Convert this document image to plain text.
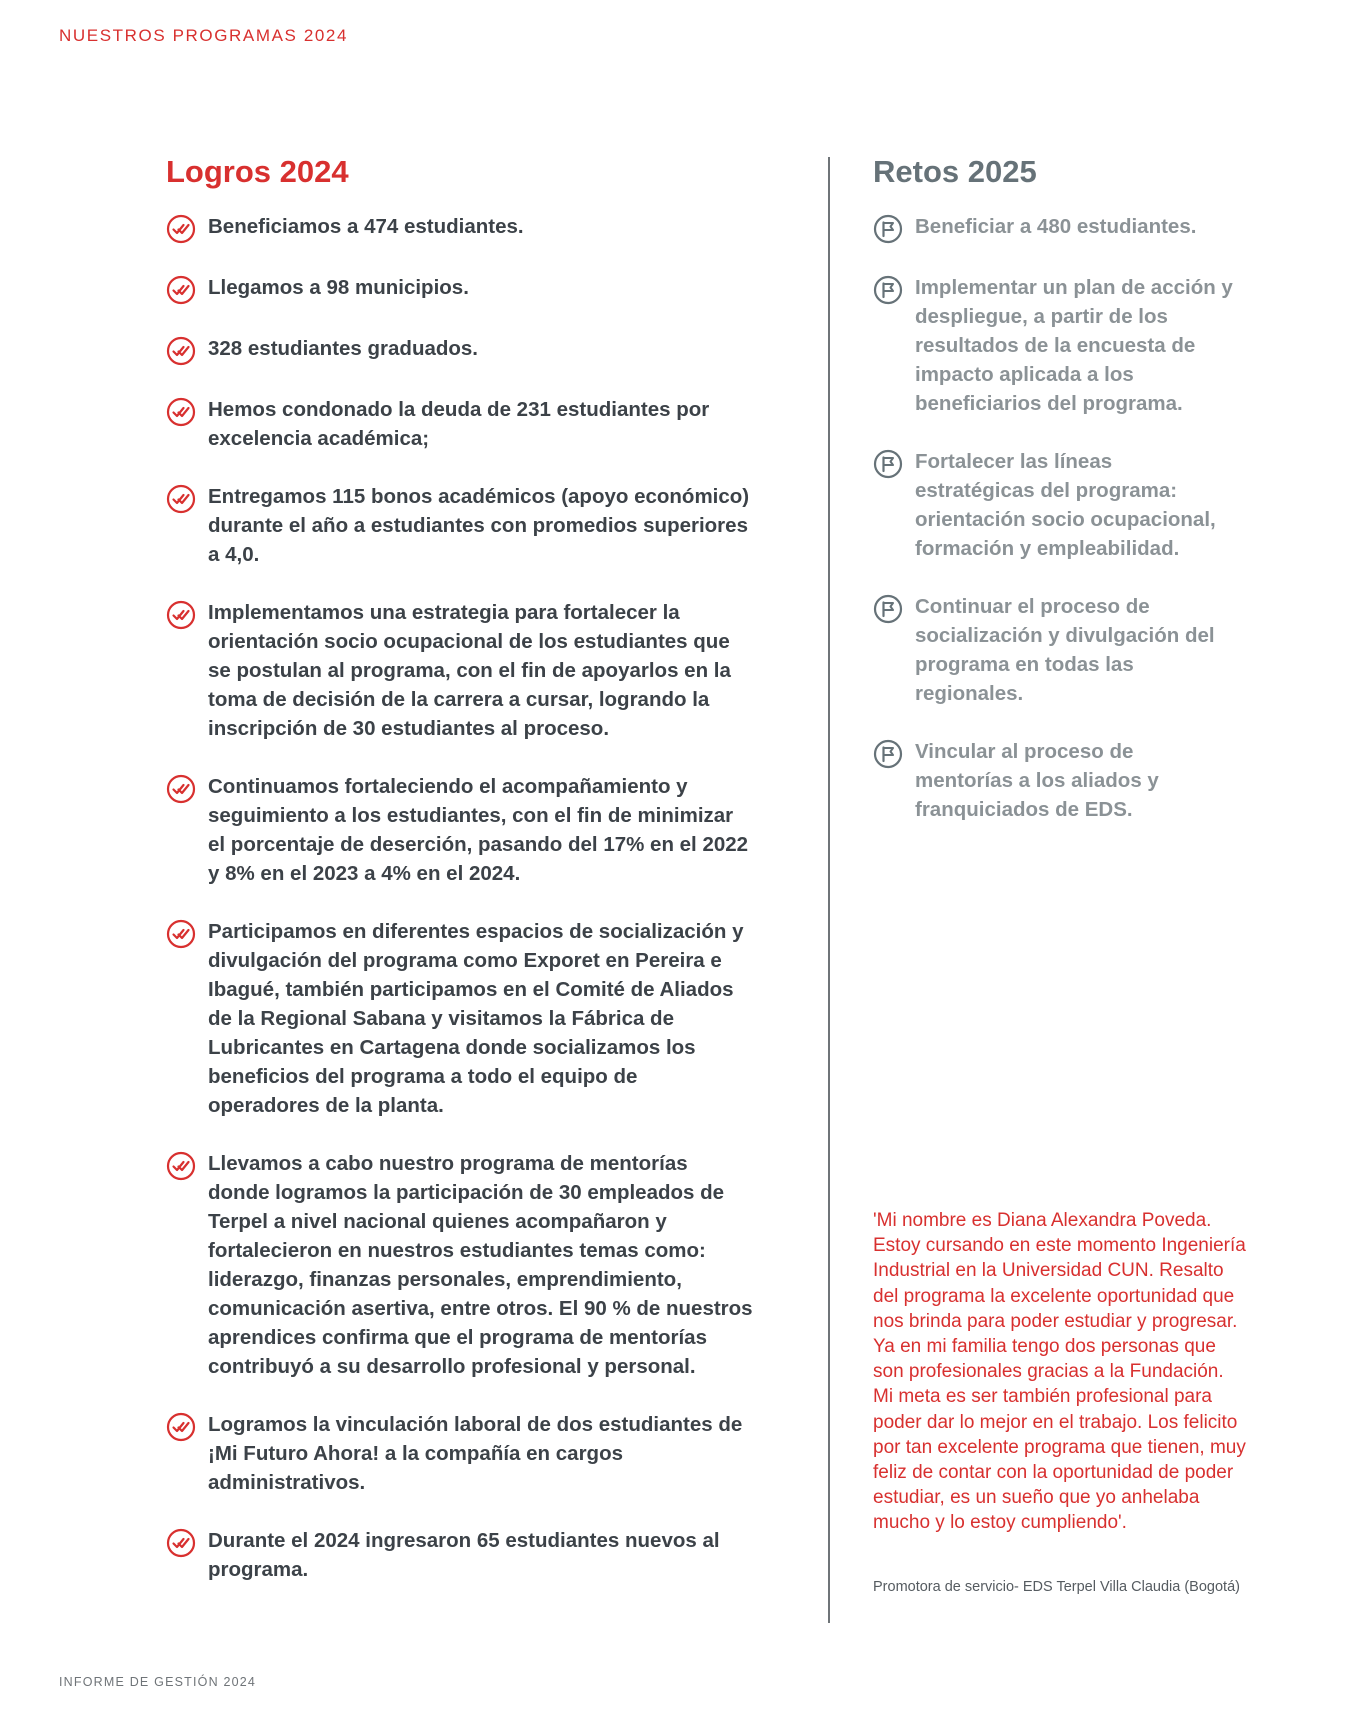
NUESTROS PROGRAMAS 2024
Logros 2024
Beneficiamos a 474 estudiantes.
Llegamos a 98 municipios.
328 estudiantes graduados.
Hemos condonado la deuda de 231 estudiantes por excelencia académica;
Entregamos 115 bonos académicos (apoyo económico) durante el año a estudiantes con promedios superiores a 4,0.
Implementamos una estrategia para fortalecer la orientación socio ocupacional de los estudiantes que se postulan al programa, con el fin de apoyarlos en la toma de decisión de la carrera a cursar, logrando la inscripción de 30 estudiantes al proceso.
Continuamos fortaleciendo el acompañamiento y seguimiento a los estudiantes, con el fin de minimizar el porcentaje de deserción, pasando del 17% en el 2022 y 8% en el 2023 a 4% en el 2024.
Participamos en diferentes espacios de socialización y divulgación del programa como Exporet en Pereira e Ibagué, también participamos en el Comité de Aliados de la Regional Sabana y visitamos la Fábrica de Lubricantes en Cartagena donde socializamos los beneficios del programa a todo el equipo de operadores de la planta.
Llevamos a cabo nuestro programa de mentorías donde logramos la participación de 30 empleados de Terpel a nivel nacional quienes acompañaron y fortalecieron en nuestros estudiantes temas como: liderazgo, finanzas personales, emprendimiento, comunicación asertiva, entre otros. El 90 % de nuestros aprendices confirma que el programa de mentorías contribuyó a su desarrollo profesional y personal.
Logramos la vinculación laboral de dos estudiantes de ¡Mi Futuro Ahora! a la compañía en cargos administrativos.
Durante el 2024 ingresaron 65 estudiantes nuevos al programa.
Retos 2025
Beneficiar a 480 estudiantes.
Implementar un plan de acción y despliegue, a partir de los resultados de la encuesta de impacto aplicada a los beneficiarios del programa.
Fortalecer las líneas estratégicas del programa: orientación socio ocupacional, formación y empleabilidad.
Continuar el proceso de socialización y divulgación del programa en todas las regionales.
Vincular al proceso de mentorías a los aliados y franquiciados de EDS.

'Mi nombre es Diana Alexandra Poveda. Estoy cursando en este momento Ingeniería Industrial en la Universidad CUN. Resalto del programa la excelente oportunidad que nos brinda para poder estudiar y progresar. Ya en mi familia tengo dos personas que son profesionales gracias a la Fundación. Mi meta es ser también profesional para poder dar lo mejor en el trabajo. Los felicito por tan excelente programa que tienen, muy feliz de contar con la oportunidad de poder estudiar, es un sueño que yo anhelaba mucho y lo estoy cumpliendo'.

Promotora de servicio- EDS Terpel Villa Claudia (Bogotá)

INFORME DE GESTIÓN 2024
